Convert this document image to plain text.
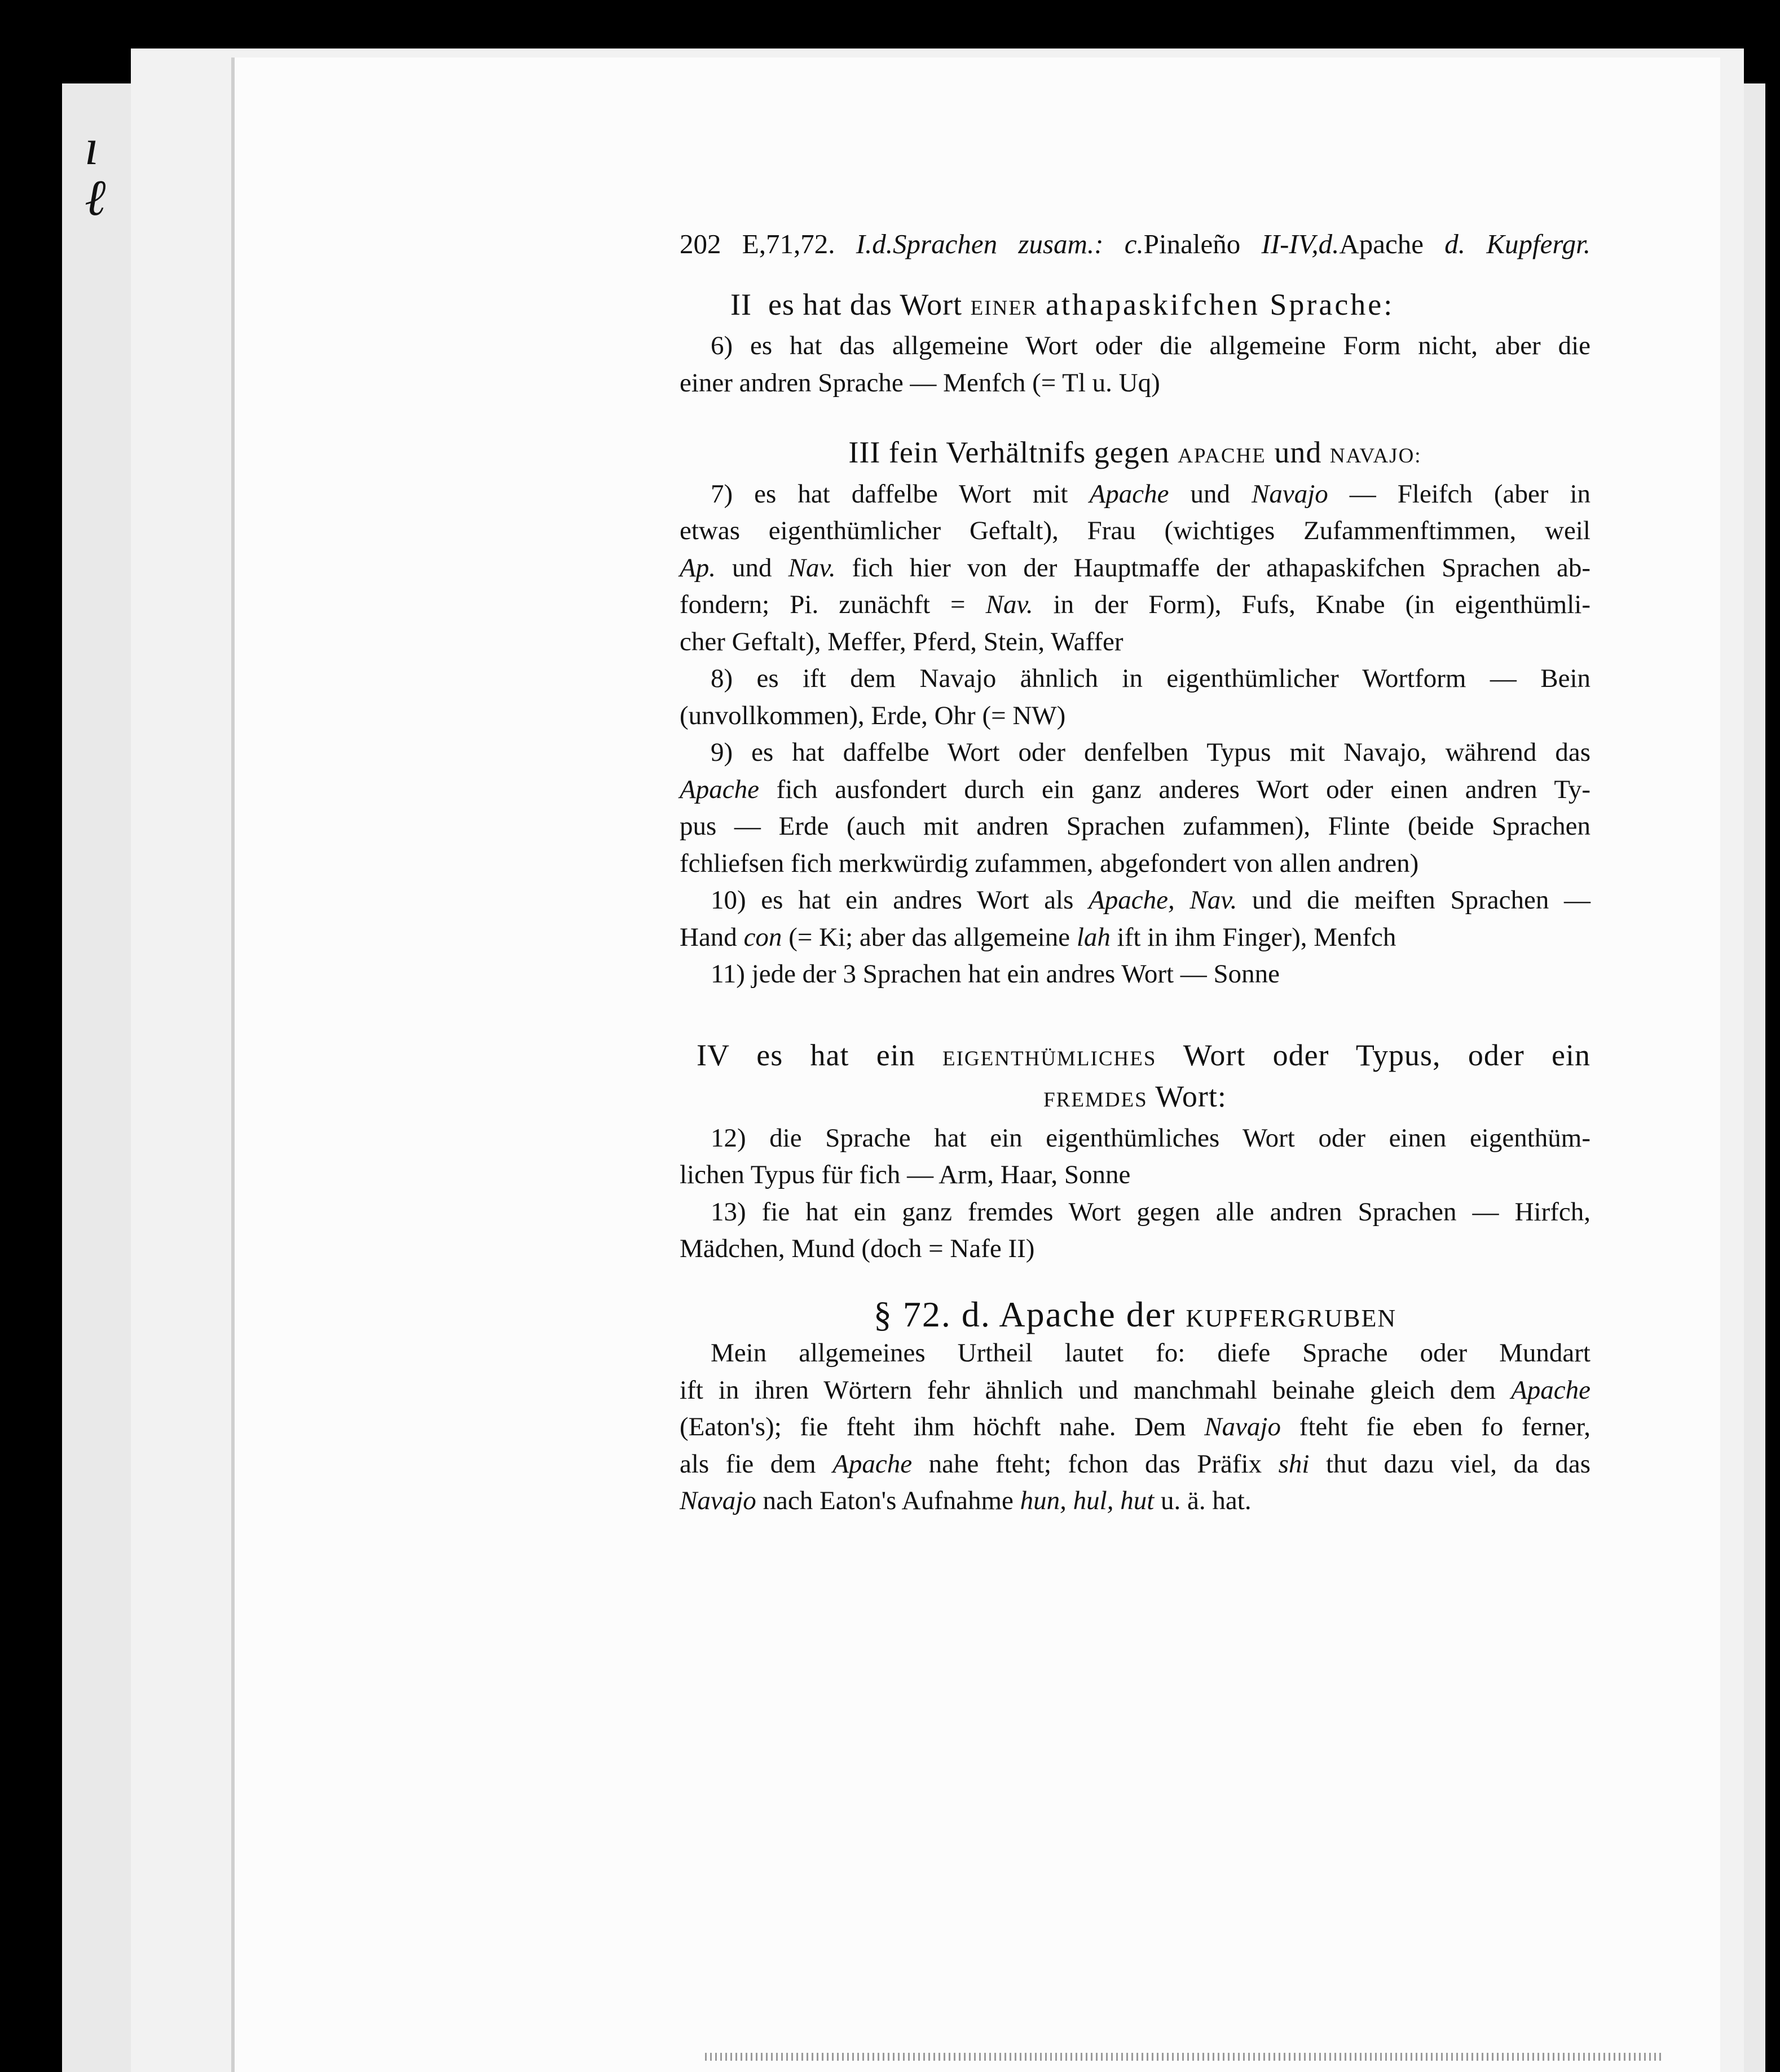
ı
ℓ
202 E,71,72. I.d.Sprachen zusam.: c.Pinaleño II-IV,d.Apache d. Kupfergr.
II es hat das Wort EINER athapaskifchen Sprache:
6) es hat das allgemeine Wort oder die allgemeine Form nicht, aber die
einer andren Sprache — Menfch (= Tl u. Uq)
III fein Verhältnifs gegen APACHE und NAVAJO:
7) es hat daffelbe Wort mit Apache und Navajo — Fleifch (aber in
etwas eigenthümlicher Geftalt), Frau (wichtiges Zufammenftimmen, weil
Ap. und Nav. fich hier von der Hauptmaffe der athapaskifchen Sprachen ab-
fondern; Pi. zunächft = Nav. in der Form), Fufs, Knabe (in eigenthümli-
cher Geftalt), Meffer, Pferd, Stein, Waffer
8) es ift dem Navajo ähnlich in eigenthümlicher Wortform — Bein
(unvollkommen), Erde, Ohr (= NW)
9) es hat daffelbe Wort oder denfelben Typus mit Navajo, während das
Apache fich ausfondert durch ein ganz anderes Wort oder einen andren Ty-
pus — Erde (auch mit andren Sprachen zufammen), Flinte (beide Sprachen
fchliefsen fich merkwürdig zufammen, abgefondert von allen andren)
10) es hat ein andres Wort als Apache, Nav. und die meiften Sprachen —
Hand con (= Ki; aber das allgemeine lah ift in ihm Finger), Menfch
11) jede der 3 Sprachen hat ein andres Wort — Sonne
IV es hat ein EIGENTHÜMLICHES Wort oder Typus, oder ein
FREMDES Wort:
12) die Sprache hat ein eigenthümliches Wort oder einen eigenthüm-
lichen Typus für fich — Arm, Haar, Sonne
13) fie hat ein ganz fremdes Wort gegen alle andren Sprachen — Hirfch,
Mädchen, Mund (doch = Nafe II)
§ 72. d. Apache der KUPFERGRUBEN
Mein allgemeines Urtheil lautet fo: diefe Sprache oder Mundart
ift in ihren Wörtern fehr ähnlich und manchmahl beinahe gleich dem Apache
(Eaton's); fie fteht ihm höchft nahe. Dem Navajo fteht fie eben fo ferner,
als fie dem Apache nahe fteht; fchon das Präfix shi thut dazu viel, da das
Navajo nach Eaton's Aufnahme hun, hul, hut u. ä. hat.
